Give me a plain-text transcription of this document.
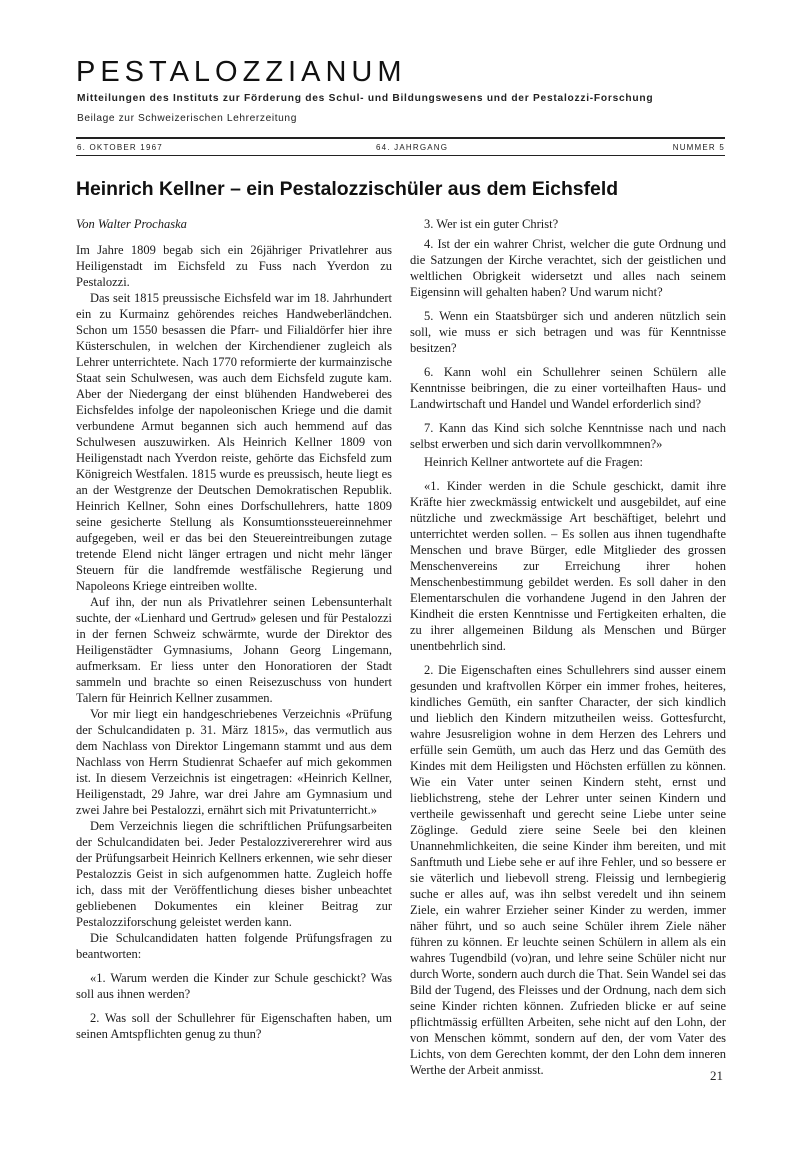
PESTALOZZIANUM
Mitteilungen des Instituts zur Förderung des Schul- und Bildungswesens und der Pestalozzi-Forschung
Beilage zur Schweizerischen Lehrerzeitung
6. OKTOBER 1967	64. JAHRGANG	NUMMER 5
Heinrich Kellner – ein Pestalozzischüler aus dem Eichsfeld

Von Walter Prochaska

Im Jahre 1809 begab sich ein 26jähriger Privatlehrer aus Heiligenstadt im Eichsfeld zu Fuss nach Yverdon zu Pestalozzi.

Das seit 1815 preussische Eichsfeld war im 18. Jahrhundert ein zu Kurmainz gehörendes reiches Handweberländchen. Schon um 1550 besassen die Pfarr- und Filialdörfer hier ihre Küsterschulen, in welchen der Kirchendiener zugleich als Lehrer unterrichtete. Nach 1770 reformierte der kurmainzische Staat sein Schulwesen, was auch dem Eichsfeld zugute kam. Aber der Niedergang der einst blühenden Handweberei des Eichsfeldes infolge der napoleonischen Kriege und die damit verbundene Armut begannen sich auch hemmend auf das Schulwesen auszuwirken. Als Heinrich Kellner 1809 von Heiligenstadt nach Yverdon reiste, gehörte das Eichsfeld zum Königreich Westfalen. 1815 wurde es preussisch, heute liegt es an der Westgrenze der Deutschen Demokratischen Republik. Heinrich Kellner, Sohn eines Dorfschullehrers, hatte 1809 seine gesicherte Stellung als Konsumtionssteuereinnehmer aufgegeben, weil er das bei den Steuereintreibungen zutage tretende Elend nicht länger ertragen und nicht mehr länger Steuern für die landfremde westfälische Regierung und Napoleons Kriege eintreiben wollte.

Auf ihn, der nun als Privatlehrer seinen Lebensunterhalt suchte, der «Lienhard und Gertrud» gelesen und für Pestalozzi in der fernen Schweiz schwärmte, wurde der Direktor des Heiligenstädter Gymnasiums, Johann Georg Lingemann, aufmerksam. Er liess unter den Honoratioren der Stadt sammeln und brachte so einen Reisezuschuss von hundert Talern für Heinrich Kellner zusammen.

Vor mir liegt ein handgeschriebenes Verzeichnis «Prüfung der Schulcandidaten p. 31. März 1815», das vermutlich aus dem Nachlass von Direktor Lingemann stammt und aus dem Nachlass von Herrn Studienrat Schaefer auf mich gekommen ist. In diesem Verzeichnis ist eingetragen: «Heinrich Kellner, Heiligenstadt, 29 Jahre, war drei Jahre am Gymnasium und zwei Jahre bei Pestalozzi, ernährt sich mit Privatunterricht.»

Dem Verzeichnis liegen die schriftlichen Prüfungsarbeiten der Schulcandidaten bei. Jeder Pestalozzivererehrer wird aus der Prüfungsarbeit Heinrich Kellners erkennen, wie sehr dieser Pestalozzis Geist in sich aufgenommen hatte. Zugleich hoffe ich, dass mit der Veröffentlichung dieses bisher unbeachtet gebliebenen Dokumentes ein kleiner Beitrag zur Pestalozziforschung geleistet werden kann.

Die Schulcandidaten hatten folgende Prüfungsfragen zu beantworten:

«1. Warum werden die Kinder zur Schule geschickt? Was soll aus ihnen werden?

2. Was soll der Schullehrer für Eigenschaften haben, um seinen Amtspflichten genug zu thun?

3. Wer ist ein guter Christ?

4. Ist der ein wahrer Christ, welcher die gute Ordnung und die Satzungen der Kirche verachtet, sich der geistlichen und weltlichen Obrigkeit widersetzt und alles nach seinem Eigensinn will gehalten haben? Und warum nicht?

5. Wenn ein Staatsbürger sich und anderen nützlich sein soll, wie muss er sich betragen und was für Kenntnisse besitzen?

6. Kann wohl ein Schullehrer seinen Schülern alle Kenntnisse beibringen, die zu einer vorteilhaften Haus- und Landwirtschaft und Handel und Wandel erforderlich sind?

7. Kann das Kind sich solche Kenntnisse nach und nach selbst erwerben und sich darin vervollkommnen?»

Heinrich Kellner antwortete auf die Fragen:

«1. Kinder werden in die Schule geschickt, damit ihre Kräfte hier zweckmässig entwickelt und ausgebildet, auf eine nützliche und zweckmässige Art beschäftiget, belehrt und unterrichtet werden sollen. – Es sollen aus ihnen tugendhafte Menschen und brave Bürger, edle Mitglieder des grossen Menschenvereins zur Erreichung ihrer hohen Menschenbestimmung gebildet werden. Es soll daher in den Elementarschulen die vorhandene Jugend in den Jahren der Kindheit die ersten Kenntnisse und Fertigkeiten erhalten, die zu ihrer allgemeinen Bildung als Menschen und Bürger unentbehrlich sind.

2. Die Eigenschaften eines Schullehrers sind ausser einem gesunden und kraftvollen Körper ein immer frohes, heiteres, kindliches Gemüth, ein sanfter Character, der sich kindlich und lieblich den Kindern mitzutheilen weiss. Gottesfurcht, wahre Jesusreligion wohne in dem Herzen des Lehrers und erfülle sein Gemüth, um auch das Herz und das Gemüth des Kindes mit dem Heiligsten und Höchsten erfüllen zu können. Wie ein Vater unter seinen Kindern steht, ernst und lieblichstreng, stehe der Lehrer unter seinen Kindern und vertheile gewissenhaft und gerecht seine Liebe unter seine Zöglinge. Geduld ziere seine Seele bei den kleinen Unannehmlichkeiten, die seine Kinder ihm bereiten, und mit Sanftmuth und Liebe sehe er auf ihre Fehler, und so bessere er sie väterlich und liebevoll streng. Fleissig und lernbegierig suche er alles auf, was ihn selbst veredelt und ihn seinem Ziele, ein wahrer Erzieher seiner Kinder zu werden, immer näher führt, und so auch seine Schüler ihrem Ziele näher führen zu können. Er leuchte seinen Schülern in allem als ein wahres Tugendbild (vo)ran, und lehre seine Schüler nicht nur durch Worte, sondern auch durch die That. Sein Wandel sei das Bild der Tugend, des Fleisses und der Ordnung, nach dem sich seine Kinder richten können. Zufrieden blicke er auf seine pflichtmässig erfüllten Arbeiten, sehe nicht auf den Lohn, der von Menschen kömmt, sondern auf den, der vom Vater des Lichts, von dem Gerechten kommt, der den Lohn dem inneren Werthe der Arbeit anmisst.	21
